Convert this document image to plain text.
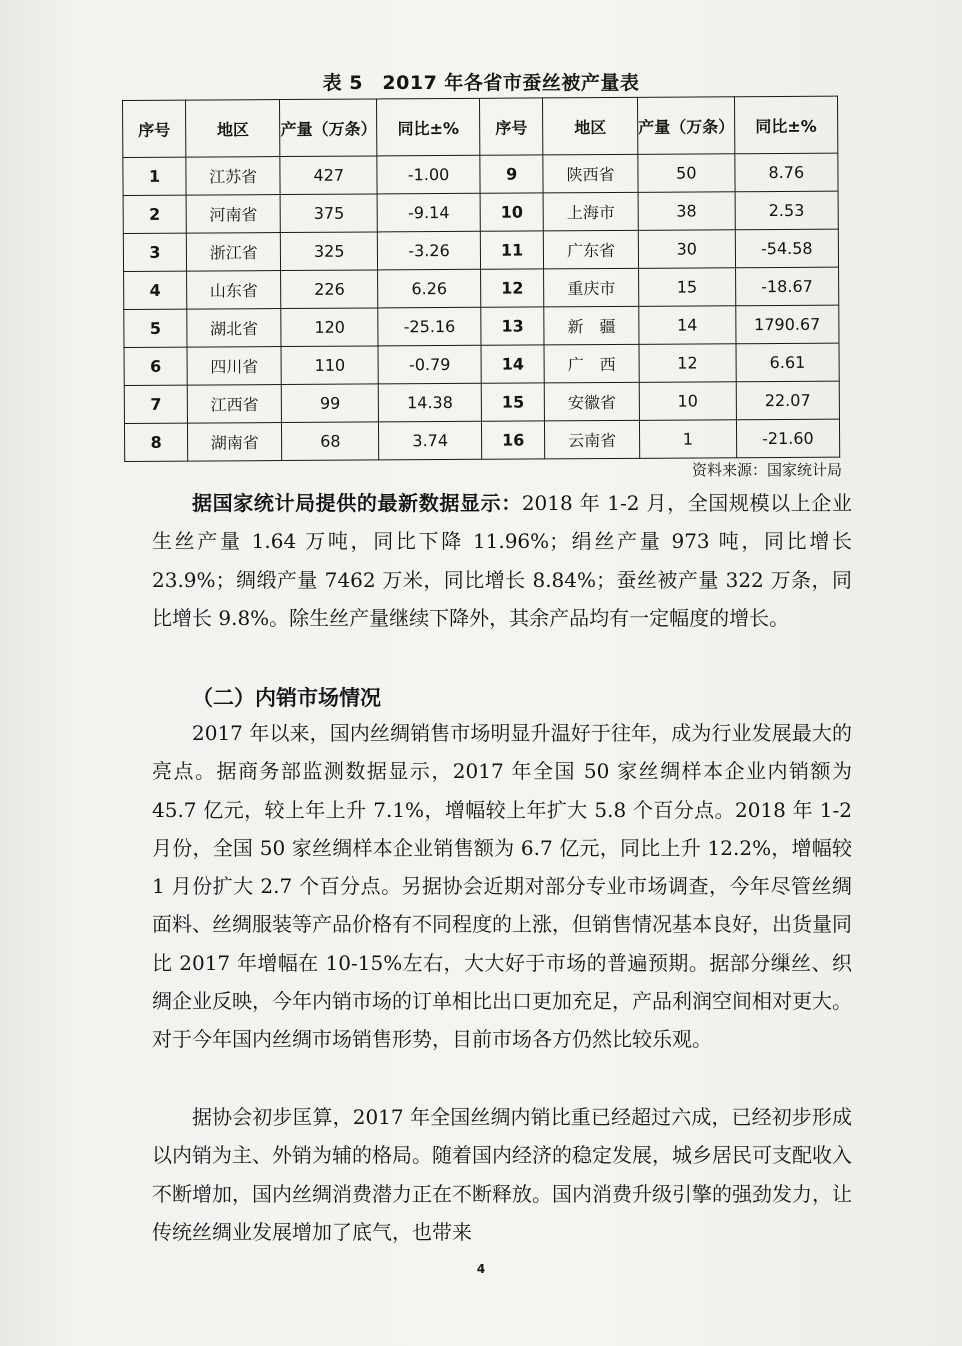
表 5　2017 年各省市蚕丝被产量表
序号	地区	产量（万条）	同比±%	序号	地区	产量（万条）	同比±%
1	江苏省	427	-1.00	9	陕西省	50	8.76
2	河南省	375	-9.14	10	上海市	38	2.53
3	浙江省	325	-3.26	11	广东省	30	-54.58
4	山东省	226	6.26	12	重庆市	15	-18.67
5	湖北省	120	-25.16	13	新　疆	14	1790.67
6	四川省	110	-0.79	14	广　西	12	6.61
7	江西省	99	14.38	15	安徽省	10	22.07
8	湖南省	68	3.74	16	云南省	1	-21.60
资料来源：国家统计局

据国家统计局提供的最新数据显示：2018 年 1-2 月，全国规模以上企业生丝产量 1.64 万吨，同比下降 11.96%；绢丝产量 973 吨，同比增长 23.9%；绸缎产量 7462 万米，同比增长 8.84%；蚕丝被产量 322 万条，同比增长 9.8%。除生丝产量继续下降外，其余产品均有一定幅度的增长。

（二）内销市场情况

2017 年以来，国内丝绸销售市场明显升温好于往年，成为行业发展最大的亮点。据商务部监测数据显示，2017 年全国 50 家丝绸样本企业内销额为 45.7 亿元，较上年上升 7.1%，增幅较上年扩大 5.8 个百分点。2018 年 1-2 月份，全国 50 家丝绸样本企业销售额为 6.7 亿元，同比上升 12.2%，增幅较 1 月份扩大 2.7 个百分点。另据协会近期对部分专业市场调查，今年尽管丝绸面料、丝绸服装等产品价格有不同程度的上涨，但销售情况基本良好，出货量同比 2017 年增幅在 10-15%左右，大大好于市场的普遍预期。据部分缫丝、织绸企业反映，今年内销市场的订单相比出口更加充足，产品利润空间相对更大。对于今年国内丝绸市场销售形势，目前市场各方仍然比较乐观。

据协会初步匡算，2017 年全国丝绸内销比重已经超过六成，已经初步形成以内销为主、外销为辅的格局。随着国内经济的稳定发展，城乡居民可支配收入不断增加，国内丝绸消费潜力正在不断释放。国内消费升级引擎的强劲发力，让传统丝绸业发展增加了底气，也带来

4
